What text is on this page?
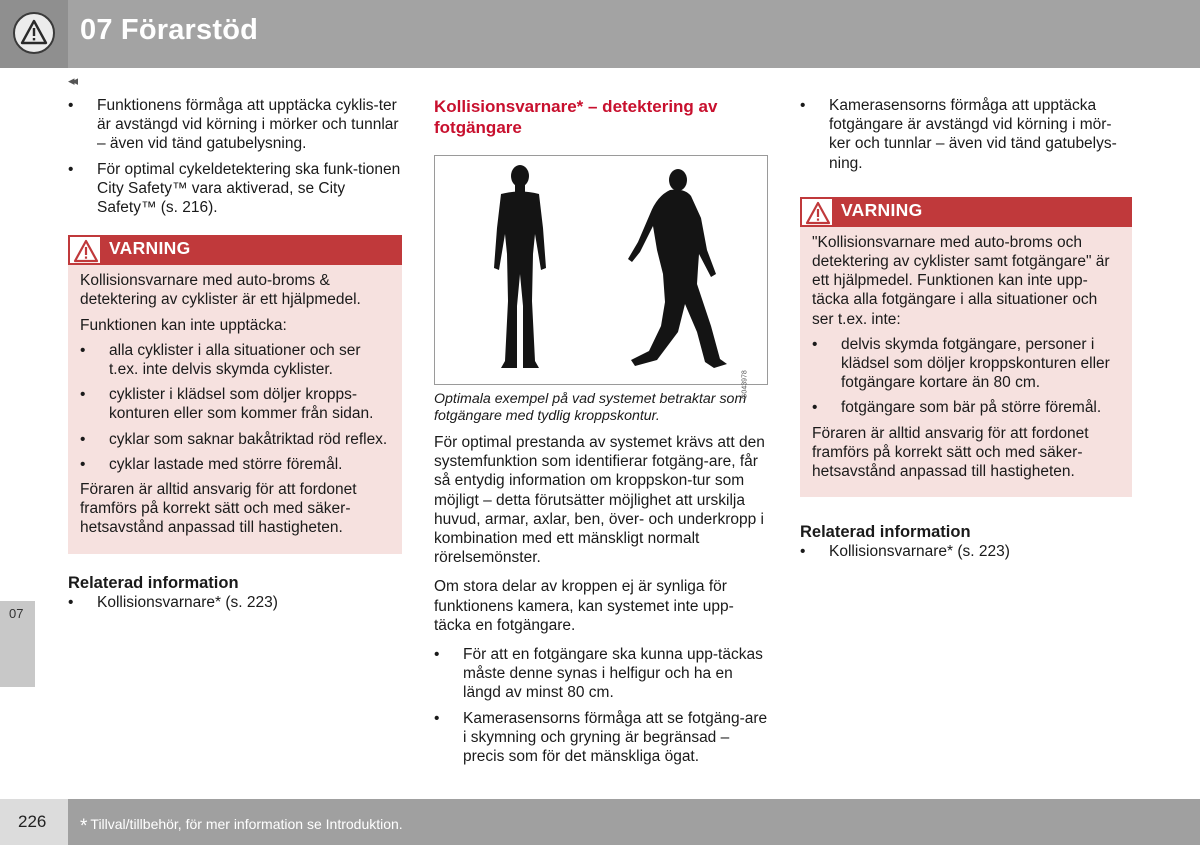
07 Förarstöd
07
◂◂
• Funktionens förmåga att upptäcka cyklis-ter är avstängd vid körning i mörker och tunnlar – även vid tänd gatubelysning.
• För optimal cykeldetektering ska funk-tionen City Safety™ vara aktiverad, se City Safety™ (s. 216).
VARNING

Kollisionsvarnare med auto-broms & detektering av cyklister är ett hjälpmedel.

Funktionen kan inte upptäcka:

• alla cyklister i alla situationer och ser t.ex. inte delvis skymda cyklister.
• cyklister i klädsel som döljer kropps-konturen eller som kommer från sidan.
• cyklar som saknar bakåtriktad röd reflex.
• cyklar lastade med större föremål.

Föraren är alltid ansvarig för att fordonet framförs på korrekt sätt och med säker-hetsavstånd anpassad till hastigheten.

Relaterad information
• Kollisionsvarnare* (s. 223)
Kollisionsvarnare* – detektering av fotgängare
G043978
Optimala exempel på vad systemet betraktar som fotgängare med tydlig kroppskontur.

För optimal prestanda av systemet krävs att den systemfunktion som identifierar fotgäng-are, får så entydig information om kroppskon-tur som möjligt – detta förutsätter möjlighet att urskilja huvud, armar, axlar, ben, över- och underkropp i kombination med ett mänskligt normalt rörelsemönster.

Om stora delar av kroppen ej är synliga för funktionens kamera, kan systemet inte upp-täcka en fotgängare.

• För att en fotgängare ska kunna upp-täckas måste denne synas i helfigur och ha en längd av minst 80 cm.
• Kamerasensorns förmåga att se fotgäng-are i skymning och gryning är begränsad – precis som för det mänskliga ögat.
• Kamerasensorns förmåga att upptäcka fotgängare är avstängd vid körning i mör-ker och tunnlar – även vid tänd gatubelys-ning.
VARNING

"Kollisionsvarnare med auto-broms och detektering av cyklister samt fotgängare" är ett hjälpmedel. Funktionen kan inte upp-täcka alla fotgängare i alla situationer och ser t.ex. inte:

• delvis skymda fotgängare, personer i klädsel som döljer kroppskonturen eller fotgängare kortare än 80 cm.
• fotgängare som bär på större föremål.

Föraren är alltid ansvarig för att fordonet framförs på korrekt sätt och med säker-hetsavstånd anpassad till hastigheten.

Relaterad information
• Kollisionsvarnare* (s. 223)
226 * Tillval/tillbehör, för mer information se Introduktion.
